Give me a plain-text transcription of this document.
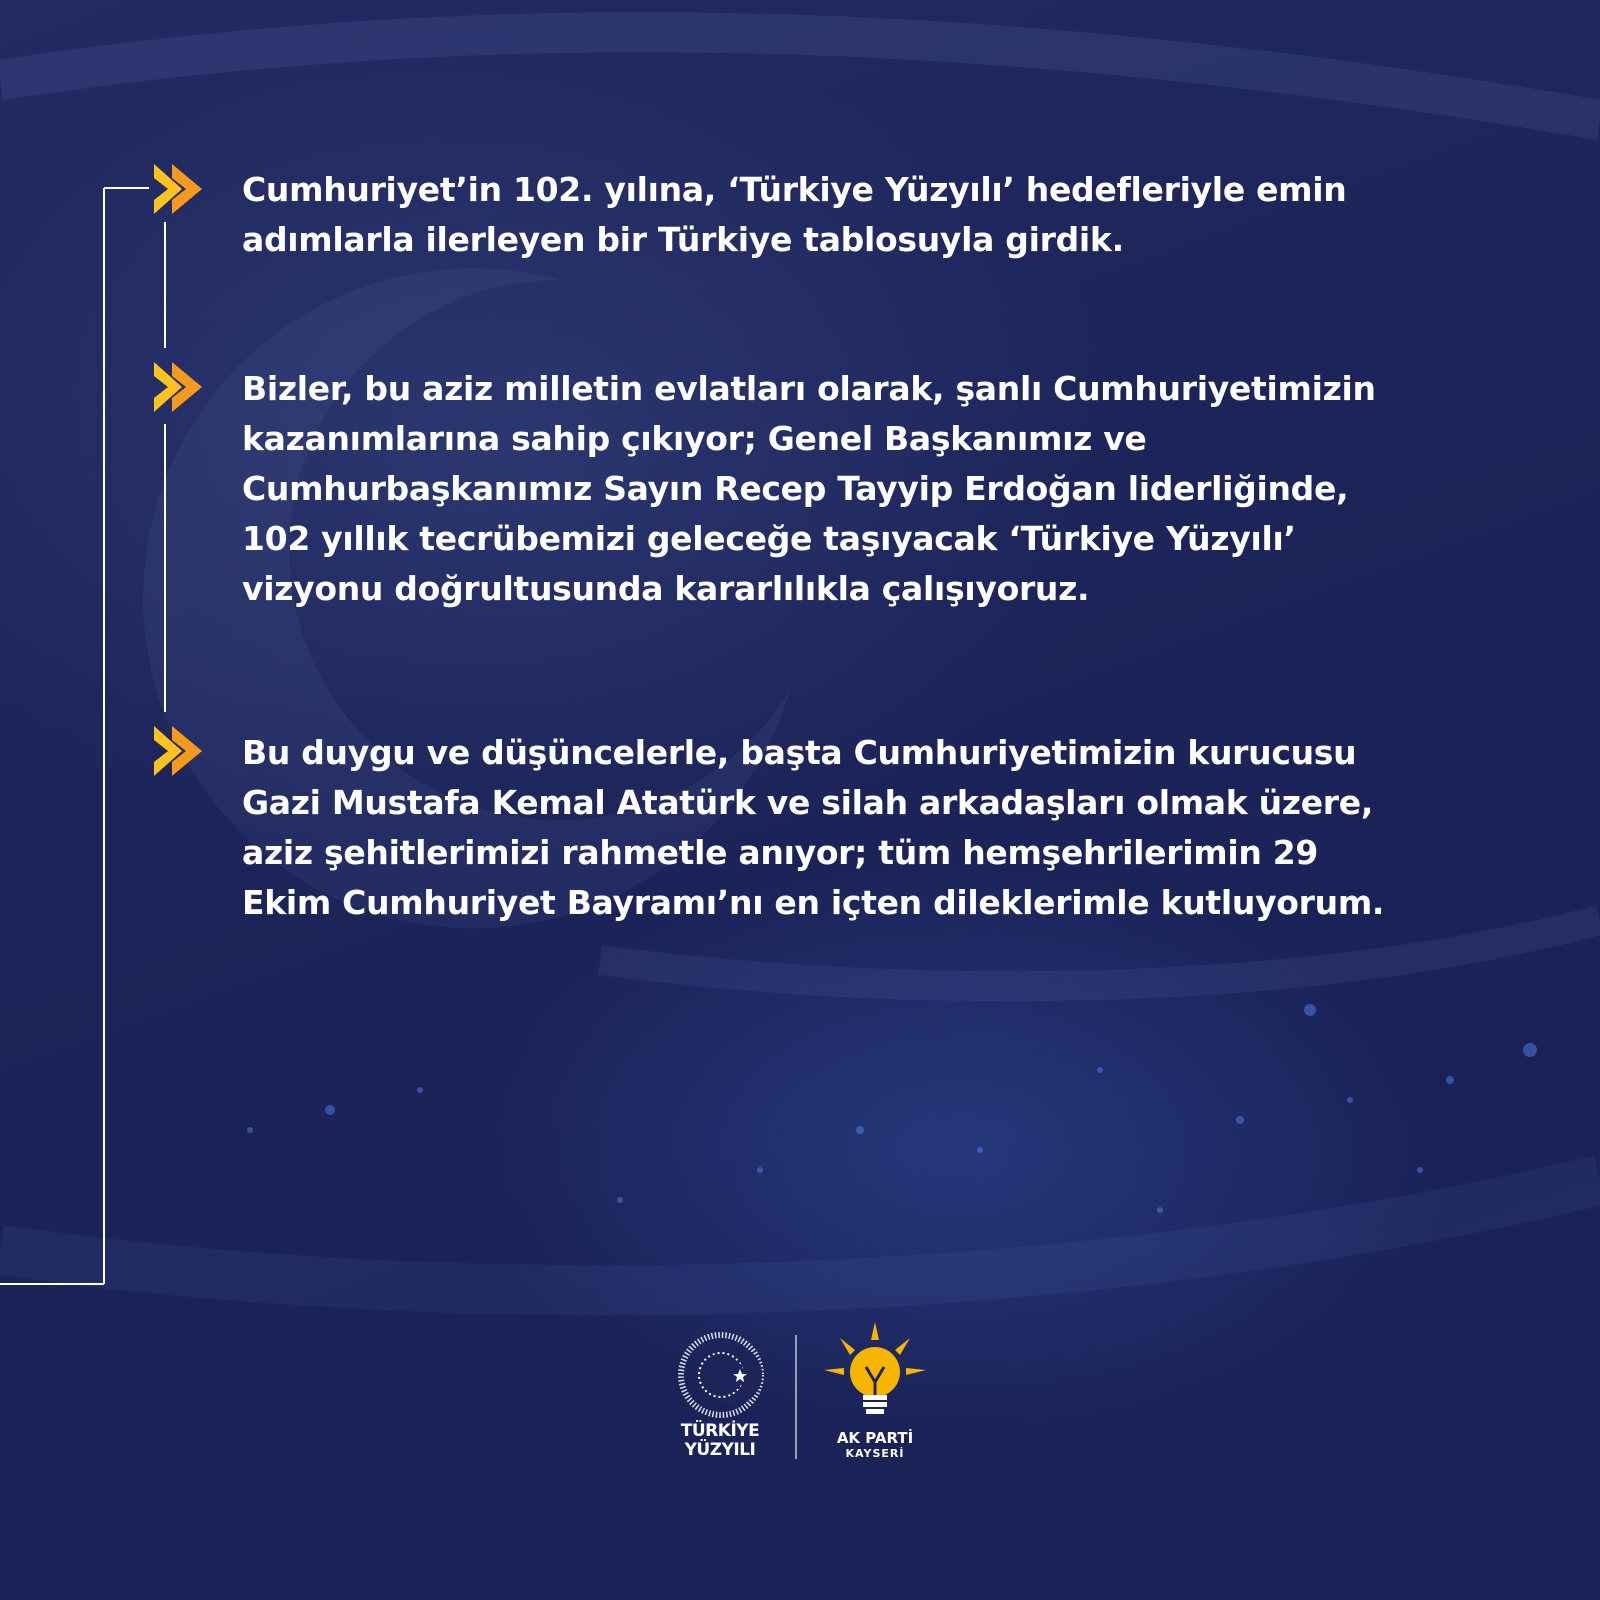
Cumhuriyet’in 102. yılına, ‘Türkiye Yüzyılı’ hedefleriyle emin adımlarla ilerleyen bir Türkiye tablosuyla girdik.

Bizler, bu aziz milletin evlatları olarak, şanlı Cumhuriyetimizin kazanımlarına sahip çıkıyor; Genel Başkanımız ve Cumhurbaşkanımız Sayın Recep Tayyip Erdoğan liderliğinde, 102 yıllık tecrübemizi geleceğe taşıyacak ‘Türkiye Yüzyılı’ vizyonu doğrultusunda kararlılıkla çalışıyoruz.

Bu duygu ve düşüncelerle, başta Cumhuriyetimizin kurucusu Gazi Mustafa Kemal Atatürk ve silah arkadaşları olmak üzere, aziz şehitlerimizi rahmetle anıyor; tüm hemşehrilerimin 29 Ekim Cumhuriyet Bayramı’nı en içten dileklerimle kutluyorum.

TÜRKİYE
YÜZYILI
AK PARTİ
KAYSERİ
